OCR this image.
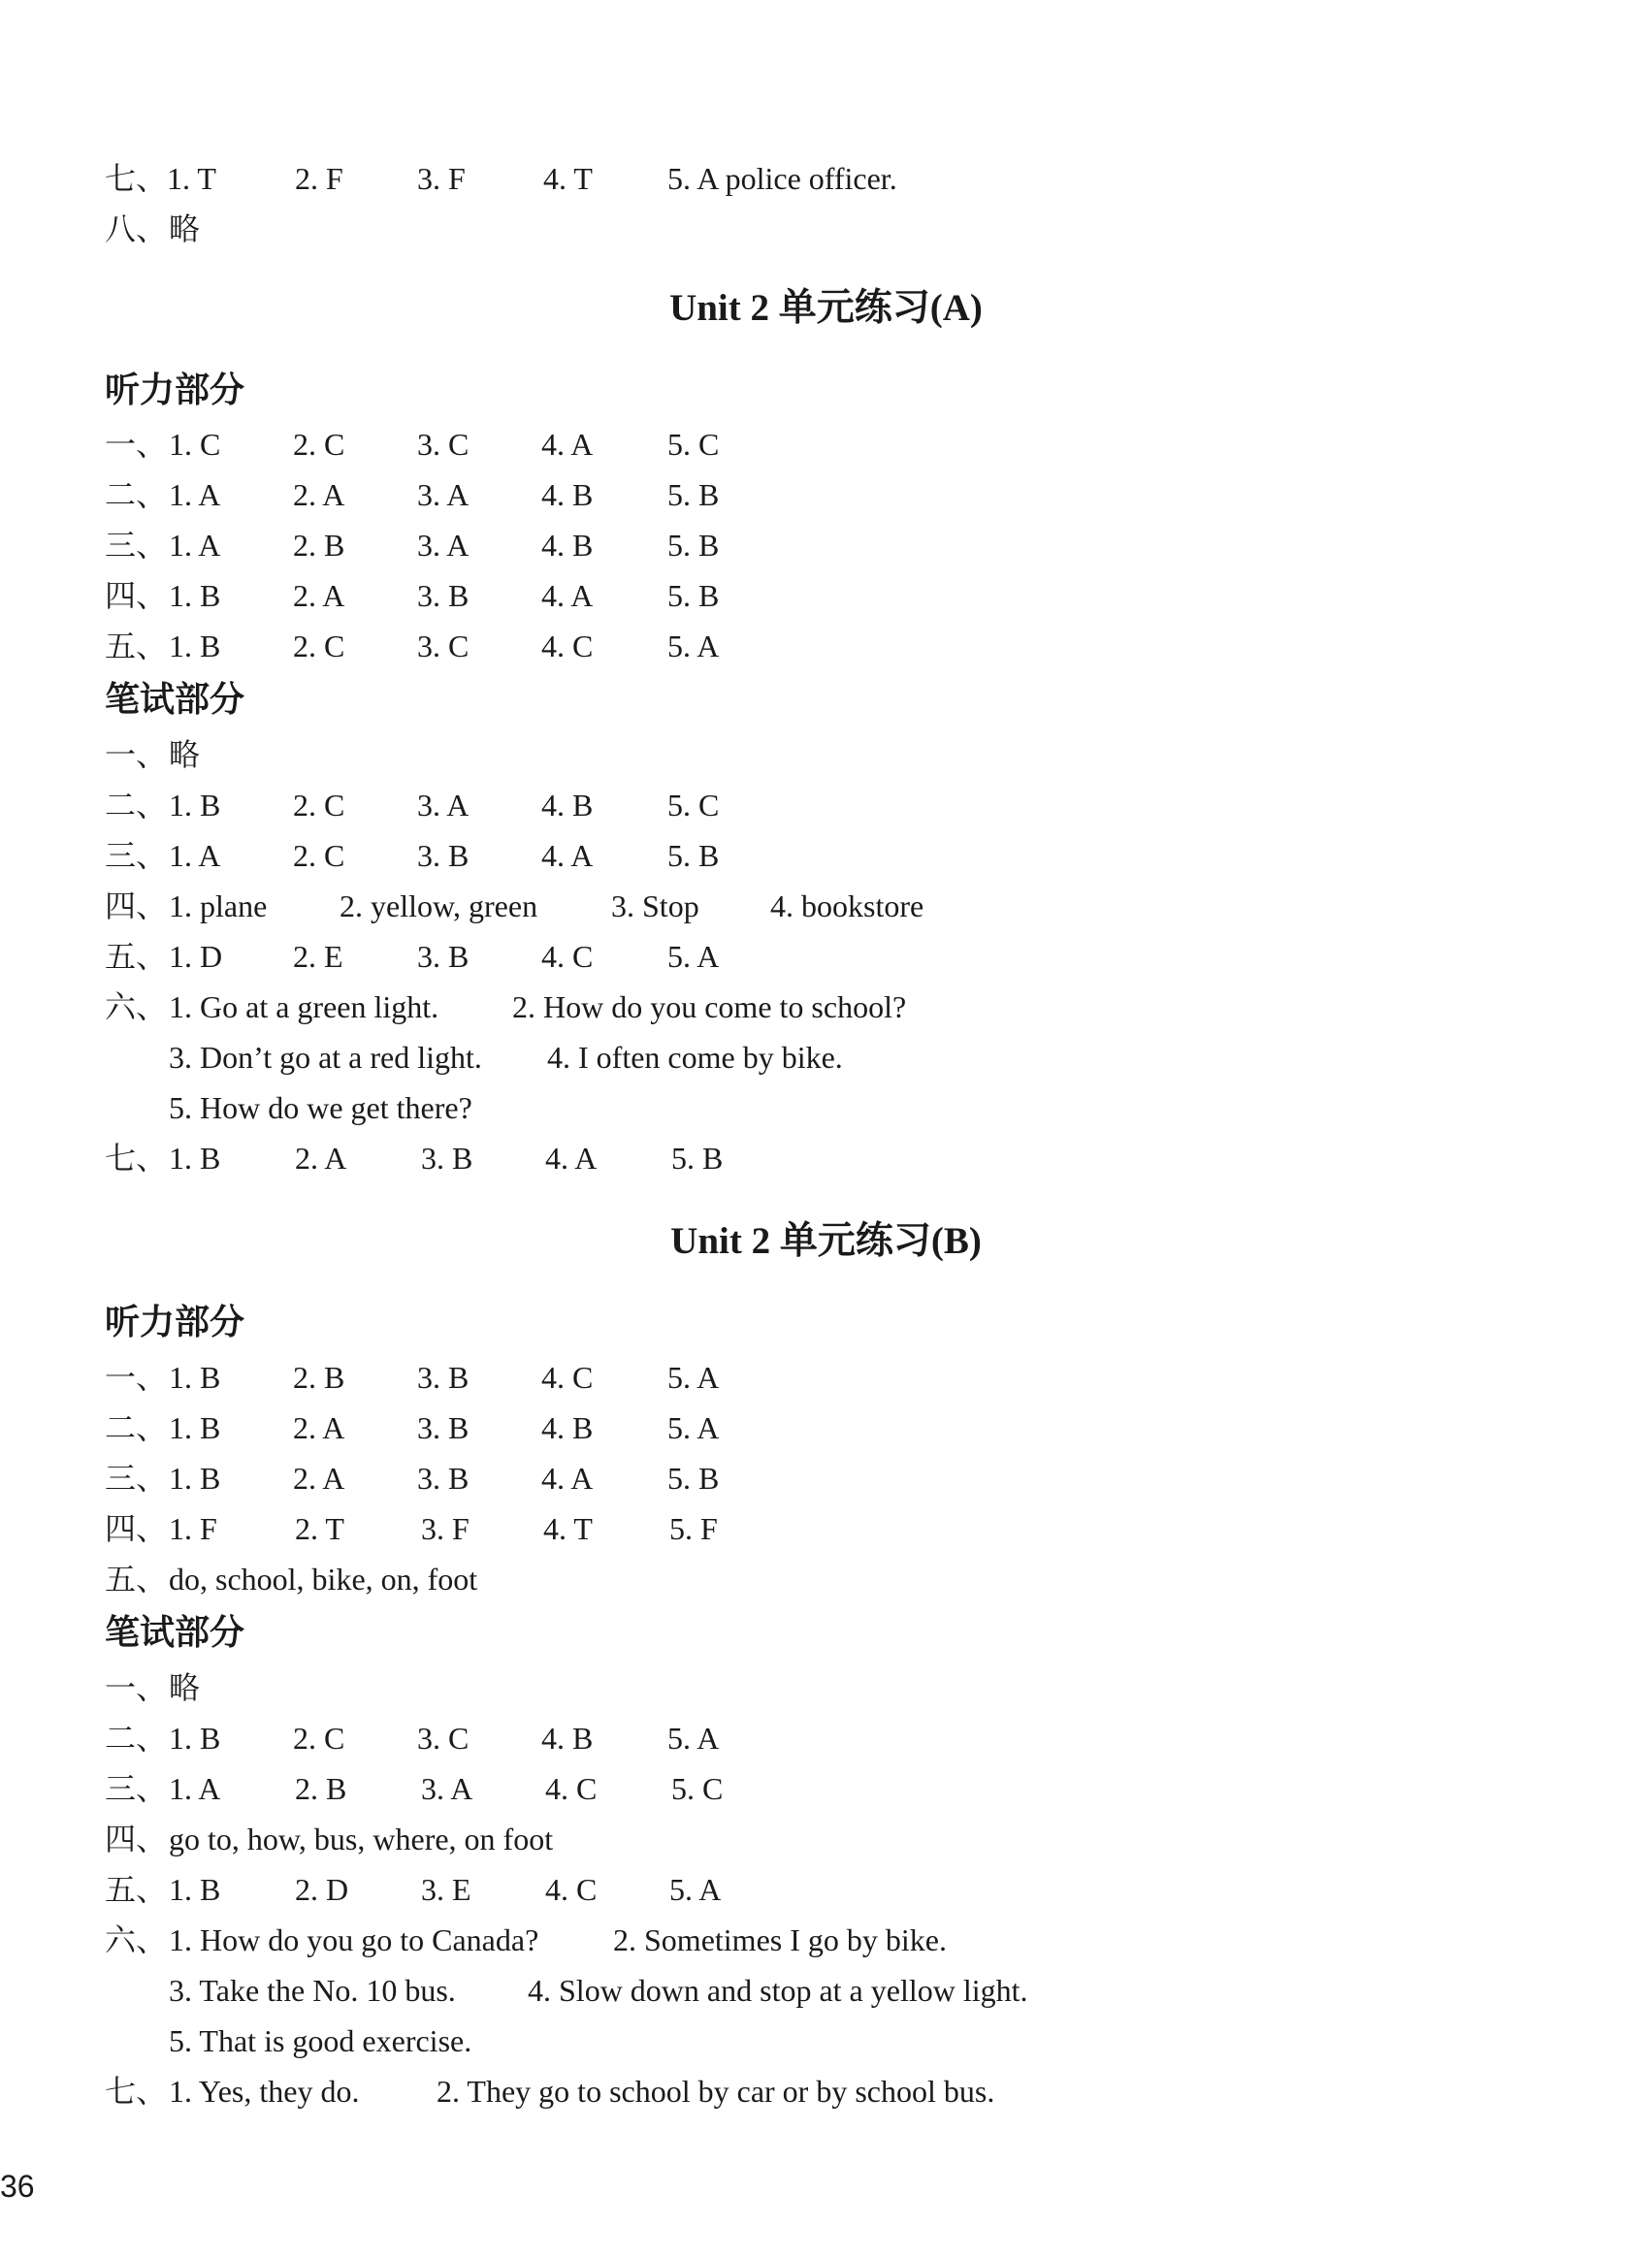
七、 1. T	2. F 3. F	4. T 5. A police officer.
八、 略
Unit 2 单元练习(A)
听力部分
一、 1. C 2. C 3. C 4. A 5. C
二、 1. A 2. A 3. A 4. B 5. B
三、 1. A 2. B 3. A 4. B 5. B
四、 1. B 2. A 3. B 4. A 5. B
五、 1. B 2. C 3. C 4. C 5. A
笔试部分
一、 略
二、 1. B 2. C 3. A 4. B 5. C
三、 1. A 2. C 3. B 4. A 5. B
四、 1. plane 2. yellow, green 3. Stop 4. bookstore
五、 1. D 2. E 3. B 4. C 5. A
六、 1. Go at a green light. 2. How do you come to school?
3. Don’t go at a red light. 4. I often come by bike.
5. How do we get there?
七、 1. B 2. A 3. B 4. A 5. B
Unit 2 单元练习(B)
听力部分
一、 1. B 2. B 3. B 4. C 5. A
二、 1. B 2. A 3. B 4. B 5. A
三、 1. B 2. A 3. B 4. A 5. B
四、 1. F	2. T 3. F 4. T 5. F
五、 do, school, bike, on, foot
笔试部分
一、 略
二、 1. B 2. C 3. C 4. B 5. A
三、 1. A 2. B 3. A 4. C 5. C
四、 go to, how, bus, where, on foot
五、 1. B 2. D 3. E 4. C 5. A
六、 1. How do you go to Canada? 2. Sometimes I go by bike.
3. Take the No. 10 bus. 4. Slow down and stop at a yellow light.
5. That is good exercise.
七、 1. Yes, they do. 2. They go to school by car or by school bus.
36
